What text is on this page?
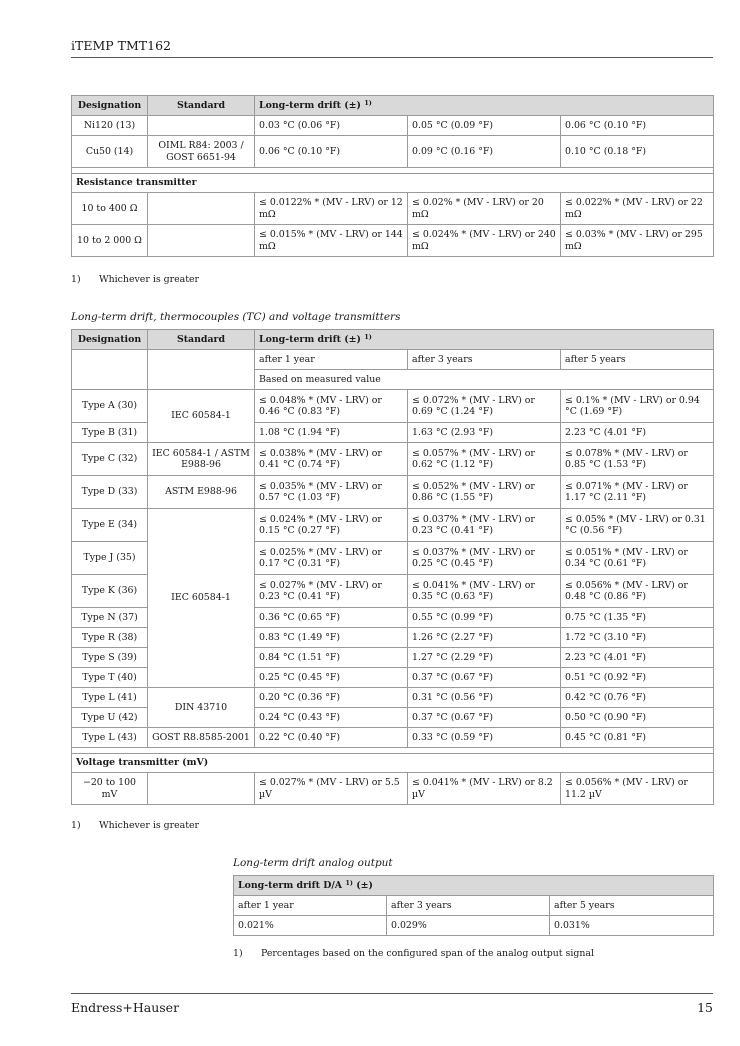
iTEMP TMT162
Designation	Standard	Long-term drift (±) $^{1)}$
Ni120 (13)		0.03 °C (0.06 °F)	0.05 °C (0.09 °F)	0.06 °C (0.10 °F)
Cu50 (14)	OIML R84: 2003 / GOST 6651-94	0.06 °C (0.10 °F)	0.09 °C (0.16 °F)	0.10 °C (0.18 °F)

Resistance transmitter				
10 to 400 Ω		≤ 0.0122% * (MV - LRV) or 12 mΩ	≤ 0.02% * (MV - LRV) or 20 mΩ	≤ 0.022% * (MV - LRV) or 22 mΩ
10 to 2 000 Ω		≤ 0.015% * (MV - LRV) or 144 mΩ	≤ 0.024% * (MV - LRV) or 240 mΩ	≤ 0.03% * (MV - LRV) or 295 mΩ
1) Whichever is greater
Long-term drift, thermocouples (TC) and voltage transmitters
Designation	Standard	Long-term drift (±) $^{1)}$
		after 1 year	after 3 years	after 5 years
		Based on measured value		
Type A (30)	IEC 60584-1	≤ 0.048% * (MV - LRV) or 0.46 °C (0.83 °F)	≤ 0.072% * (MV - LRV) or 0.69 °C (1.24 °F)	≤ 0.1% * (MV - LRV) or 0.94 °C (1.69 °F)
Type B (31)		1.08 °C (1.94 °F)	1.63 °C (2.93 °F)	2.23 °C (4.01 °F)
Type C (32)	IEC 60584-1 / ASTM E988-96	≤ 0.038% * (MV - LRV) or 0.41 °C (0.74 °F)	≤ 0.057% * (MV - LRV) or 0.62 °C (1.12 °F)	≤ 0.078% * (MV - LRV) or 0.85 °C (1.53 °F)
Type D (33)	ASTM E988-96	≤ 0.035% * (MV - LRV) or 0.57 °C (1.03 °F)	≤ 0.052% * (MV - LRV) or 0.86 °C (1.55 °F)	≤ 0.071% * (MV - LRV) or 1.17 °C (2.11 °F)
Type E (34)	IEC 60584-1	≤ 0.024% * (MV - LRV) or 0.15 °C (0.27 °F)	≤ 0.037% * (MV - LRV) or 0.23 °C (0.41 °F)	≤ 0.05% * (MV - LRV) or 0.31 °C (0.56 °F)
Type J (35)		≤ 0.025% * (MV - LRV) or 0.17 °C (0.31 °F)	≤ 0.037% * (MV - LRV) or 0.25 °C (0.45 °F)	≤ 0.051% * (MV - LRV) or 0.34 °C (0.61 °F)
Type K (36)		≤ 0.027% * (MV - LRV) or 0.23 °C (0.41 °F)	≤ 0.041% * (MV - LRV) or 0.35 °C (0.63 °F)	≤ 0.056% * (MV - LRV) or 0.48 °C (0.86 °F)
Type N (37)		0.36 °C (0.65 °F)	0.55 °C (0.99 °F)	0.75 °C (1.35 °F)
Type R (38)		0.83 °C (1.49 °F)	1.26 °C (2.27 °F)	1.72 °C (3.10 °F)
Type S (39)		0.84 °C (1.51 °F)	1.27 °C (2.29 °F)	2.23 °C (4.01 °F)
Type T (40)		0.25 °C (0.45 °F)	0.37 °C (0.67 °F)	0.51 °C (0.92 °F)
Type L (41)	DIN 43710	0.20 °C (0.36 °F)	0.31 °C (0.56 °F)	0.42 °C (0.76 °F)
Type U (42)		0.24 °C (0.43 °F)	0.37 °C (0.67 °F)	0.50 °C (0.90 °F)
Type L (43)	GOST R8.8585-2001	0.22 °C (0.40 °F)	0.33 °C (0.59 °F)	0.45 °C (0.81 °F)

Voltage transmitter (mV)				
−20 to 100 mV		≤ 0.027% * (MV - LRV) or 5.5 µV	≤ 0.041% * (MV - LRV) or 8.2 µV	≤ 0.056% * (MV - LRV) or 11.2 µV
1) Whichever is greater
Long-term drift analog output
Long-term drift D/A $^{1)}$ (±)		
after 1 year	after 3 years	after 5 years
0.021%	0.029%	0.031%
1) Percentages based on the configured span of the analog output signal
Endress+Hauser	15
